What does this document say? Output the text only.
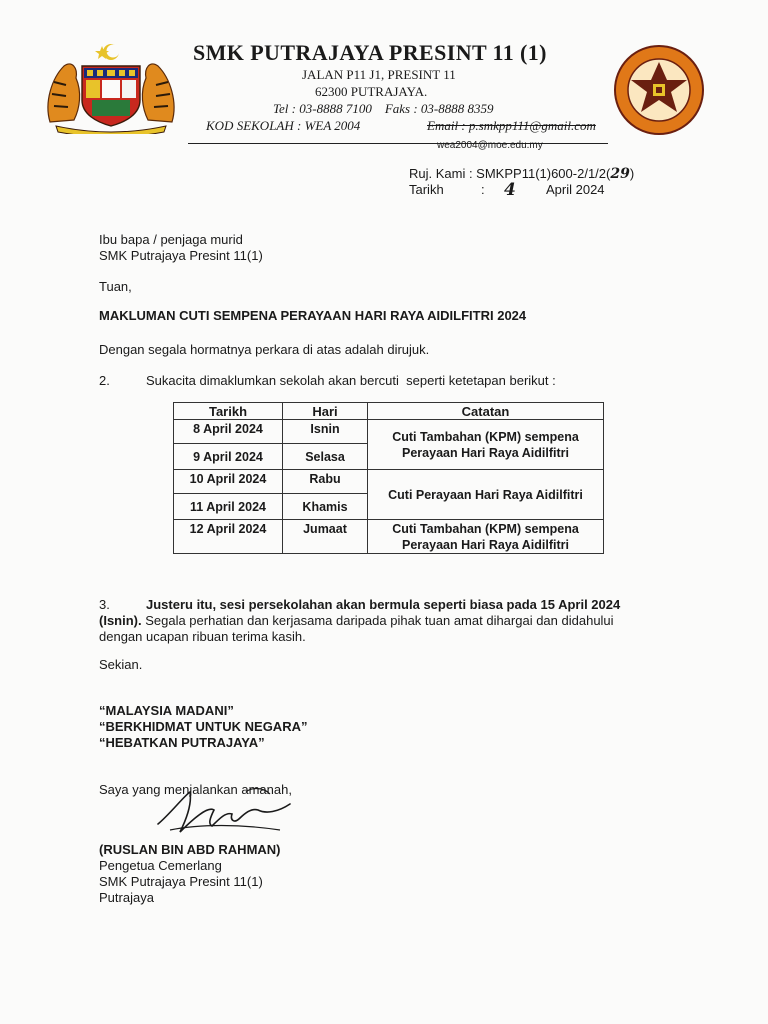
SMK PUTRAJAYA PRESINT 11 (1)
JALAN P11 J1, PRESINT 11
62300 PUTRAJAYA.
Tel : 03-8888 7100    Faks : 03-8888 8359
KOD SEKOLAH : WEA 2004	Email : p.smkpp111@gmail.com
wea2004@moe.edu.my
Ruj. Kami : SMKPP11(1)600-2/1/2(29)
Tarikh	: 4 April 2024
Ibu bapa / penjaga murid
SMK Putrajaya Presint 11(1)
Tuan,
MAKLUMAN CUTI SEMPENA PERAYAAN HARI RAYA AIDILFITRI 2024
Dengan segala hormatnya perkara di atas adalah dirujuk.
2.	Sukacita dimaklumkan sekolah akan bercuti  seperti ketetapan berikut :
Tarikh	Hari	Catatan
8 April 2024	Isnin	Cuti Tambahan (KPM) sempena
Perayaan Hari Raya Aidilfitri

9 April 2024	Selasa	
10 April 2024	Rabu	Cuti Perayaan Hari Raya Aidilfitri

11 April 2024	Khamis	
12 April 2024	Jumaat	Cuti Tambahan (KPM) sempena
Perayaan Hari Raya Aidilfitri
3.	Justeru itu, sesi persekolahan akan bermula seperti biasa pada 15 April 2024 (Isnin). Segala perhatian dan kerjasama daripada pihak tuan amat dihargai dan didahului dengan ucapan ribuan terima kasih.
Sekian.
“MALAYSIA MADANI”
“BERKHIDMAT UNTUK NEGARA”
“HEBATKAN PUTRAJAYA”
Saya yang menjalankan amanah,
(RUSLAN BIN ABD RAHMAN)
Pengetua Cemerlang
SMK Putrajaya Presint 11(1)
Putrajaya
